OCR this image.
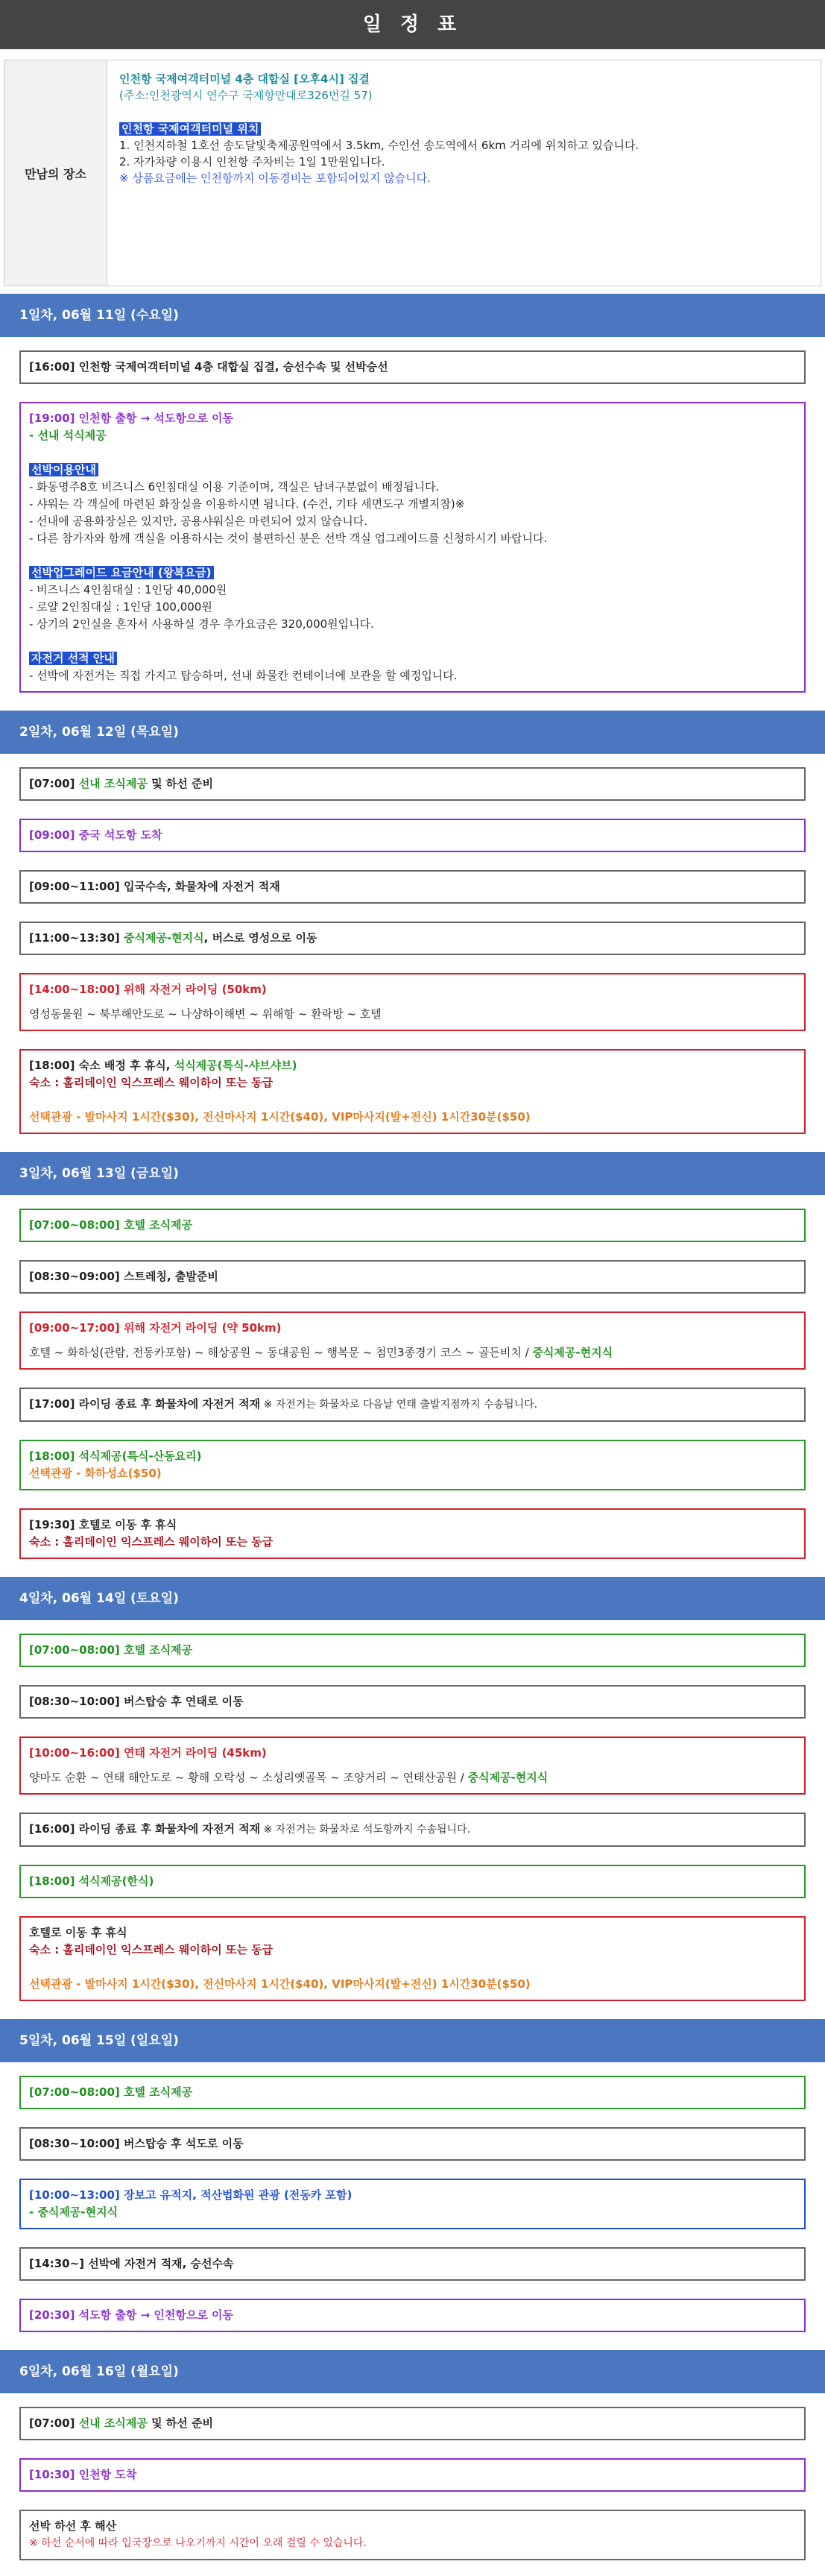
일 정 표
만남의 장소
인천항 국제여객터미널 4층 대합실 [오후4시] 집결
(주소:인천광역시 연수구 국제항만대로326번길 57)
인천항 국제여객터미널 위치
1. 인천지하철 1호선 송도달빛축제공원역에서 3.5km, 수인선 송도역에서 6km 거리에 위치하고 있습니다.
2. 자가차량 이용시 인천항 주차비는 1일 1만원입니다.
※ 상품요금에는 인천항까지 이동경비는 포함되어있지 않습니다.
1일차, 06월 11일 (수요일)
[16:00] 인천항 국제여객터미널 4층 대합실 집결, 승선수속 및 선박승선
[19:00] 인천항 출항 → 석도항으로 이동
- 선내 석식제공
선박이용안내
- 화동명주8호 비즈니스 6인침대실 이용 기준이며, 객실은 남녀구분없이 배정됩니다.
- 샤워는 각 객실에 마련된 화장실을 이용하시면 됩니다. (수건, 기타 세면도구 개별지참)※
- 선내에 공용화장실은 있지만, 공용샤워실은 마련되어 있지 않습니다.
- 다른 참가자와 함께 객실을 이용하시는 것이 불편하신 분은 선박 객실 업그레이드를 신청하시기 바랍니다.
선박업그레이드 요금안내 (왕복요금)
- 비즈니스 4인침대실 : 1인당 40,000원
- 로얄 2인침대실 : 1인당 100,000원
- 상기의 2인실을 혼자서 사용하실 경우 추가요금은 320,000원입니다.
자전거 선적 안내
- 선박에 자전거는 직접 가지고 탑승하며, 선내 화물칸 컨테이너에 보관을 할 예정입니다.
2일차, 06월 12일 (목요일)
[07:00] 선내 조식제공 및 하선 준비
[09:00] 중국 석도항 도착
[09:00~11:00] 입국수속, 화물차에 자전거 적재
[11:00~13:30] 중식제공-현지식, 버스로 영성으로 이동
[14:00~18:00] 위해 자전거 라이딩 (50km)
영성동물원 ~ 북부해안도로 ~ 나샹하이해변 ~ 위해항 ~ 환락방 ~ 호텔
[18:00] 숙소 배정 후 휴식, 석식제공(특식-샤브샤브)
숙소 : 홀리데이인 익스프레스 웨이하이 또는 동급
선택관광 - 발마사지 1시간($30), 전신마사지 1시간($40), VIP마사지(발+전신) 1시간30분($50)
3일차, 06월 13일 (금요일)
[07:00~08:00] 호텔 조식제공
[08:30~09:00] 스트레칭, 출발준비
[09:00~17:00] 위해 자전거 라이딩 (약 50km)
호텔 ~ 화하성(관람, 전동카포함) ~ 해상공원 ~ 동대공원 ~ 행복문 ~ 첨민3종경기 코스 ~ 골든비치 / 중식제공-현지식
[17:00] 라이딩 종료 후 화물차에 자전거 적재 ※ 자전거는 화물차로 다음날 연태 출발지점까지 수송됩니다.
[18:00] 석식제공(특식-산동요리)
선택관광 - 화하성쇼($50)
[19:30] 호텔로 이동 후 휴식
숙소 : 홀리데이인 익스프레스 웨이하이 또는 동급
4일차, 06월 14일 (토요일)
[07:00~08:00] 호텔 조식제공
[08:30~10:00] 버스탑승 후 연태로 이동
[10:00~16:00] 연태 자전거 라이딩 (45km)
양마도 순환 ~ 연태 해안도로 ~ 황해 오락성 ~ 소성리옛골목 ~ 조양거리 ~ 연태산공원 / 중식제공-현지식
[16:00] 라이딩 종료 후 화물차에 자전거 적재 ※ 자전거는 화물차로 석도항까지 수송됩니다.
[18:00] 석식제공(한식)
호텔로 이동 후 휴식
숙소 : 홀리데이인 익스프레스 웨이하이 또는 동급
선택관광 - 발마사지 1시간($30), 전신마사지 1시간($40), VIP마사지(발+전신) 1시간30분($50)
5일차, 06월 15일 (일요일)
[07:00~08:00] 호텔 조식제공
[08:30~10:00] 버스탑승 후 석도로 이동
[10:00~13:00] 장보고 유적지, 적산법화원 관광 (전동카 포함)
- 중식제공-현지식
[14:30~] 선박에 자전거 적재, 승선수속
[20:30] 석도항 출항 → 인천항으로 이동
6일차, 06월 16일 (월요일)
[07:00] 선내 조식제공 및 하선 준비
[10:30] 인천항 도착
선박 하선 후 해산
※ 하선 순서에 따라 입국장으로 나오기까지 시간이 오래 걸릴 수 있습니다.
